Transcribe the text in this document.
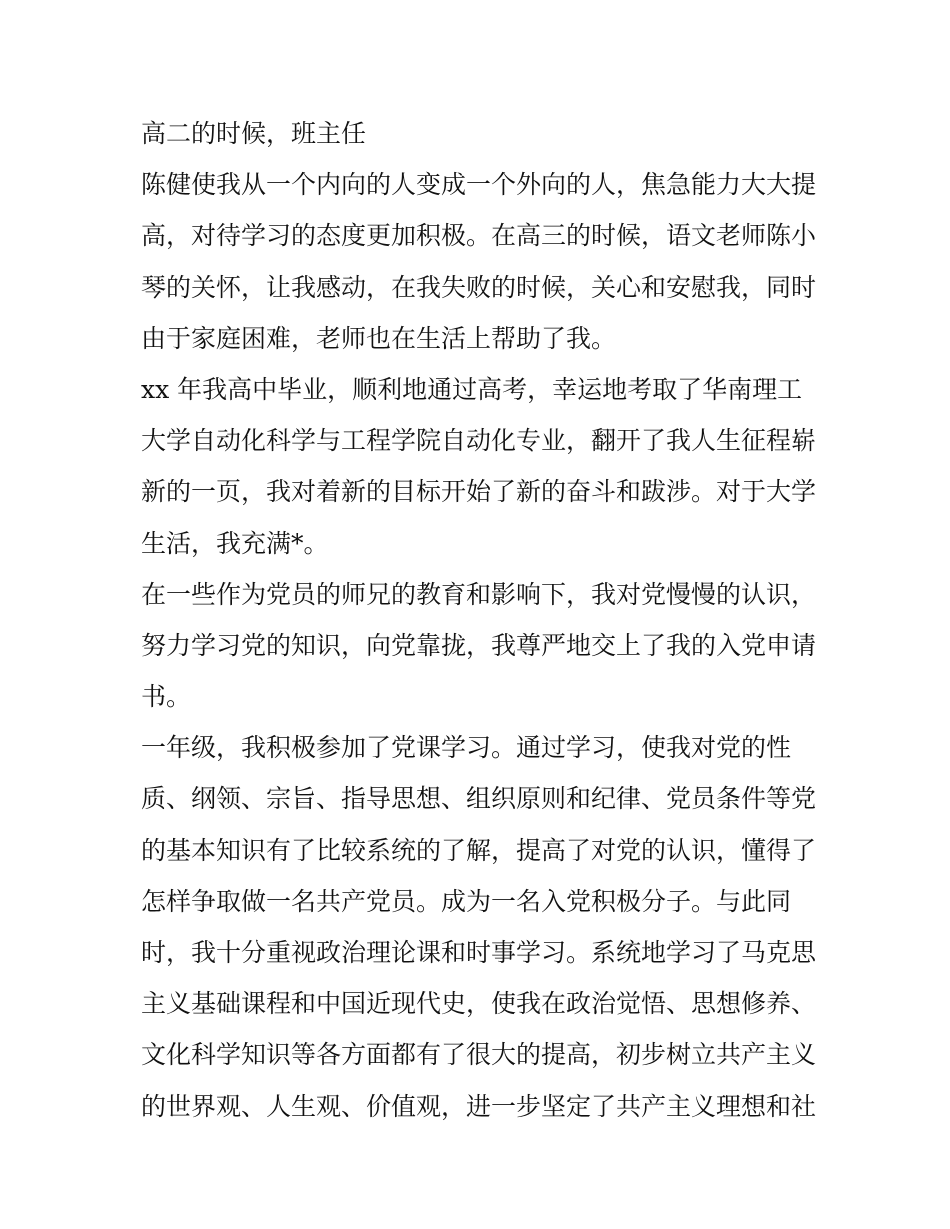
高二的时候，班主任
陈健使我从一个内向的人变成一个外向的人，焦急能力大大提
高，对待学习的态度更加积极。在高三的时候，语文老师陈小
琴的关怀，让我感动，在我失败的时候，关心和安慰我，同时
由于家庭困难，老师也在生活上帮助了我。
xx 年我高中毕业，顺利地通过高考，幸运地考取了华南理工
大学自动化科学与工程学院自动化专业，翻开了我人生征程崭
新的一页，我对着新的目标开始了新的奋斗和跋涉。对于大学
生活，我充满*。
在一些作为党员的师兄的教育和影响下，我对党慢慢的认识，
努力学习党的知识，向党靠拢，我尊严地交上了我的入党申请
书。
一年级，我积极参加了党课学习。通过学习，使我对党的性
质、纲领、宗旨、指导思想、组织原则和纪律、党员条件等党
的基本知识有了比较系统的了解，提高了对党的认识，懂得了
怎样争取做一名共产党员。成为一名入党积极分子。与此同
时，我十分重视政治理论课和时事学习。系统地学习了马克思
主义基础课程和中国近现代史，使我在政治觉悟、思想修养、
文化科学知识等各方面都有了很大的提高，初步树立共产主义
的世界观、人生观、价值观，进一步坚定了共产主义理想和社
